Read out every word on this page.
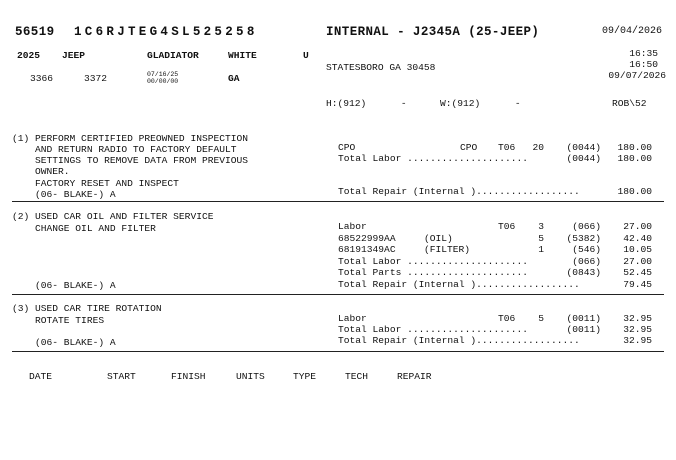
56519 1C6RJTEG4SL525258	INTERNAL - J2345A (25-JEEP)	09/04/2026
2025 JEEP	GLADIATOR	WHITE	U	16:35
16:50
STATESBORO GA 30458
09/07/2026
3366	3372	07/16/25
00/00/00	GA
H:(912)      -	W:(912)      -	ROB\52
(1) PERFORM CERTIFIED PREOWNED INSPECTION
AND RETURN RADIO TO FACTORY DEFAULT
SETTINGS TO REMOVE DATA FROM PREVIOUS
OWNER.
FACTORY RESET AND INSPECT
(06- BLAKE-) A
CPO	CPO T06	20	(0044)	180.00
Total Labor .....................	(0044)	180.00
Total Repair (Internal )..................	180.00
(2) USED CAR OIL AND FILTER SERVICE
CHANGE OIL AND FILTER
(06- BLAKE-) A
Labor	T06	3	(066)	27.00
68522999AA	(OIL)	5	(5382)	42.40
68191349AC	(FILTER)	1	(546)	10.05
Total Labor .....................	(066)	27.00
Total Parts .....................	(0843)	52.45
Total Repair (Internal )..................	79.45
(3) USED CAR TIRE ROTATION
ROTATE TIRES
(06- BLAKE-) A
Labor	T06	5	(0011)	32.95
Total Labor .....................	(0011)	32.95
Total Repair (Internal )..................	32.95
DATE	START	FINISH	UNITS	TYPE	TECH	REPAIR
